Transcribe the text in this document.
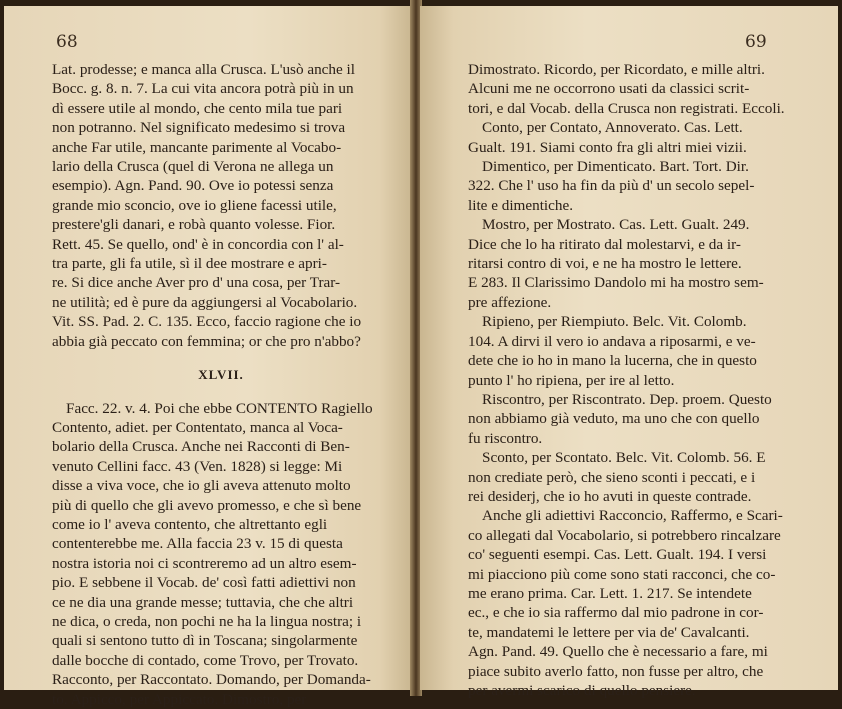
68
Lat. prodesse; e manca alla Crusca. L'usò anche il
Bocc. g. 8. n. 7. La cui vita ancora potrà più in un
dì essere utile al mondo, che cento mila tue pari
non potranno. Nel significato medesimo si trova
anche Far utile, mancante parimente al Vocabo-
lario della Crusca (quel di Verona ne allega un
esempio). Agn. Pand. 90. Ove io potessi senza
grande mio sconcio, ove io gliene facessi utile,
prestere'gli danari, e robà quanto volesse. Fior.
Rett. 45. Se quello, ond' è in concordia con l' al-
tra parte, gli fa utile, sì il dee mostrare e apri-
re. Si dice anche Aver pro d' una cosa, per Trar-
ne utilità; ed è pure da aggiungersi al Vocabolario.
Vit. SS. Pad. 2. C. 135. Ecco, faccio ragione che io
abbia già peccato con femmina; or che pro n'abbo?
XLVII.
Facc. 22. v. 4. Poi che ebbe CONTENTO Ragiello
Contento, adiet. per Contentato, manca al Voca-
bolario della Crusca. Anche nei Racconti di Ben-
venuto Cellini facc. 43 (Ven. 1828) si legge: Mi
disse a viva voce, che io gli aveva attenuto molto
più di quello che gli avevo promesso, e che sì bene
come io l' aveva contento, che altrettanto egli
contenterebbe me. Alla faccia 23 v. 15 di questa
nostra istoria noi ci scontreremo ad un altro esem-
pio. E sebbene il Vocab. de' così fatti adiettivi non
ce ne dia una grande messe; tuttavia, che che altri
ne dica, o creda, non pochi ne ha la lingua nostra; i
quali si sentono tutto dì in Toscana; singolarmente
dalle bocche di contado, come Trovo, per Trovato.
Racconto, per Raccontato. Domando, per Domanda-
to. Appicco, per Appiccato. Dimostro, per
69
Dimostrato. Ricordo, per Ricordato, e mille altri.
Alcuni me ne occorrono usati da classici scrit-
tori, e dal Vocab. della Crusca non registrati. Eccoli.
Conto, per Contato, Annoverato. Cas. Lett.
Gualt. 191. Siami conto fra gli altri miei vizii.
Dimentico, per Dimenticato. Bart. Tort. Dir.
322. Che l' uso ha fin da più d' un secolo sepel-
lite e dimentiche.
Mostro, per Mostrato. Cas. Lett. Gualt. 249.
Dice che lo ha ritirato dal molestarvi, e da ir-
ritarsi contro di voi, e ne ha mostro le lettere.
E 283. Il Clarissimo Dandolo mi ha mostro sem-
pre affezione.
Ripieno, per Riempiuto. Belc. Vit. Colomb.
104. A dirvi il vero io andava a riposarmi, e ve-
dete che io ho in mano la lucerna, che in questo
punto l' ho ripiena, per ire al letto.
Riscontro, per Riscontrato. Dep. proem. Questo
non abbiamo già veduto, ma uno che con quello
fu riscontro.
Sconto, per Scontato. Belc. Vit. Colomb. 56. E
non crediate però, che sieno sconti i peccati, e i
rei desiderj, che io ho avuti in queste contrade.
Anche gli adiettivi Racconcio, Raffermo, e Scari-
co allegati dal Vocabolario, si potrebbero rincalzare
co' seguenti esempi. Cas. Lett. Gualt. 194. I versi
mi piacciono più come sono stati racconci, che co-
me erano prima. Car. Lett. 1. 217. Se intendete
ec., e che io sia raffermo dal mio padrone in cor-
te, mandatemi le lettere per via de' Cavalcanti.
Agn. Pand. 49. Quello che è necessario a fare, mi
piace subito averlo fatto, non fusse per altro, che
per avermi scarico di quello pensiere.
